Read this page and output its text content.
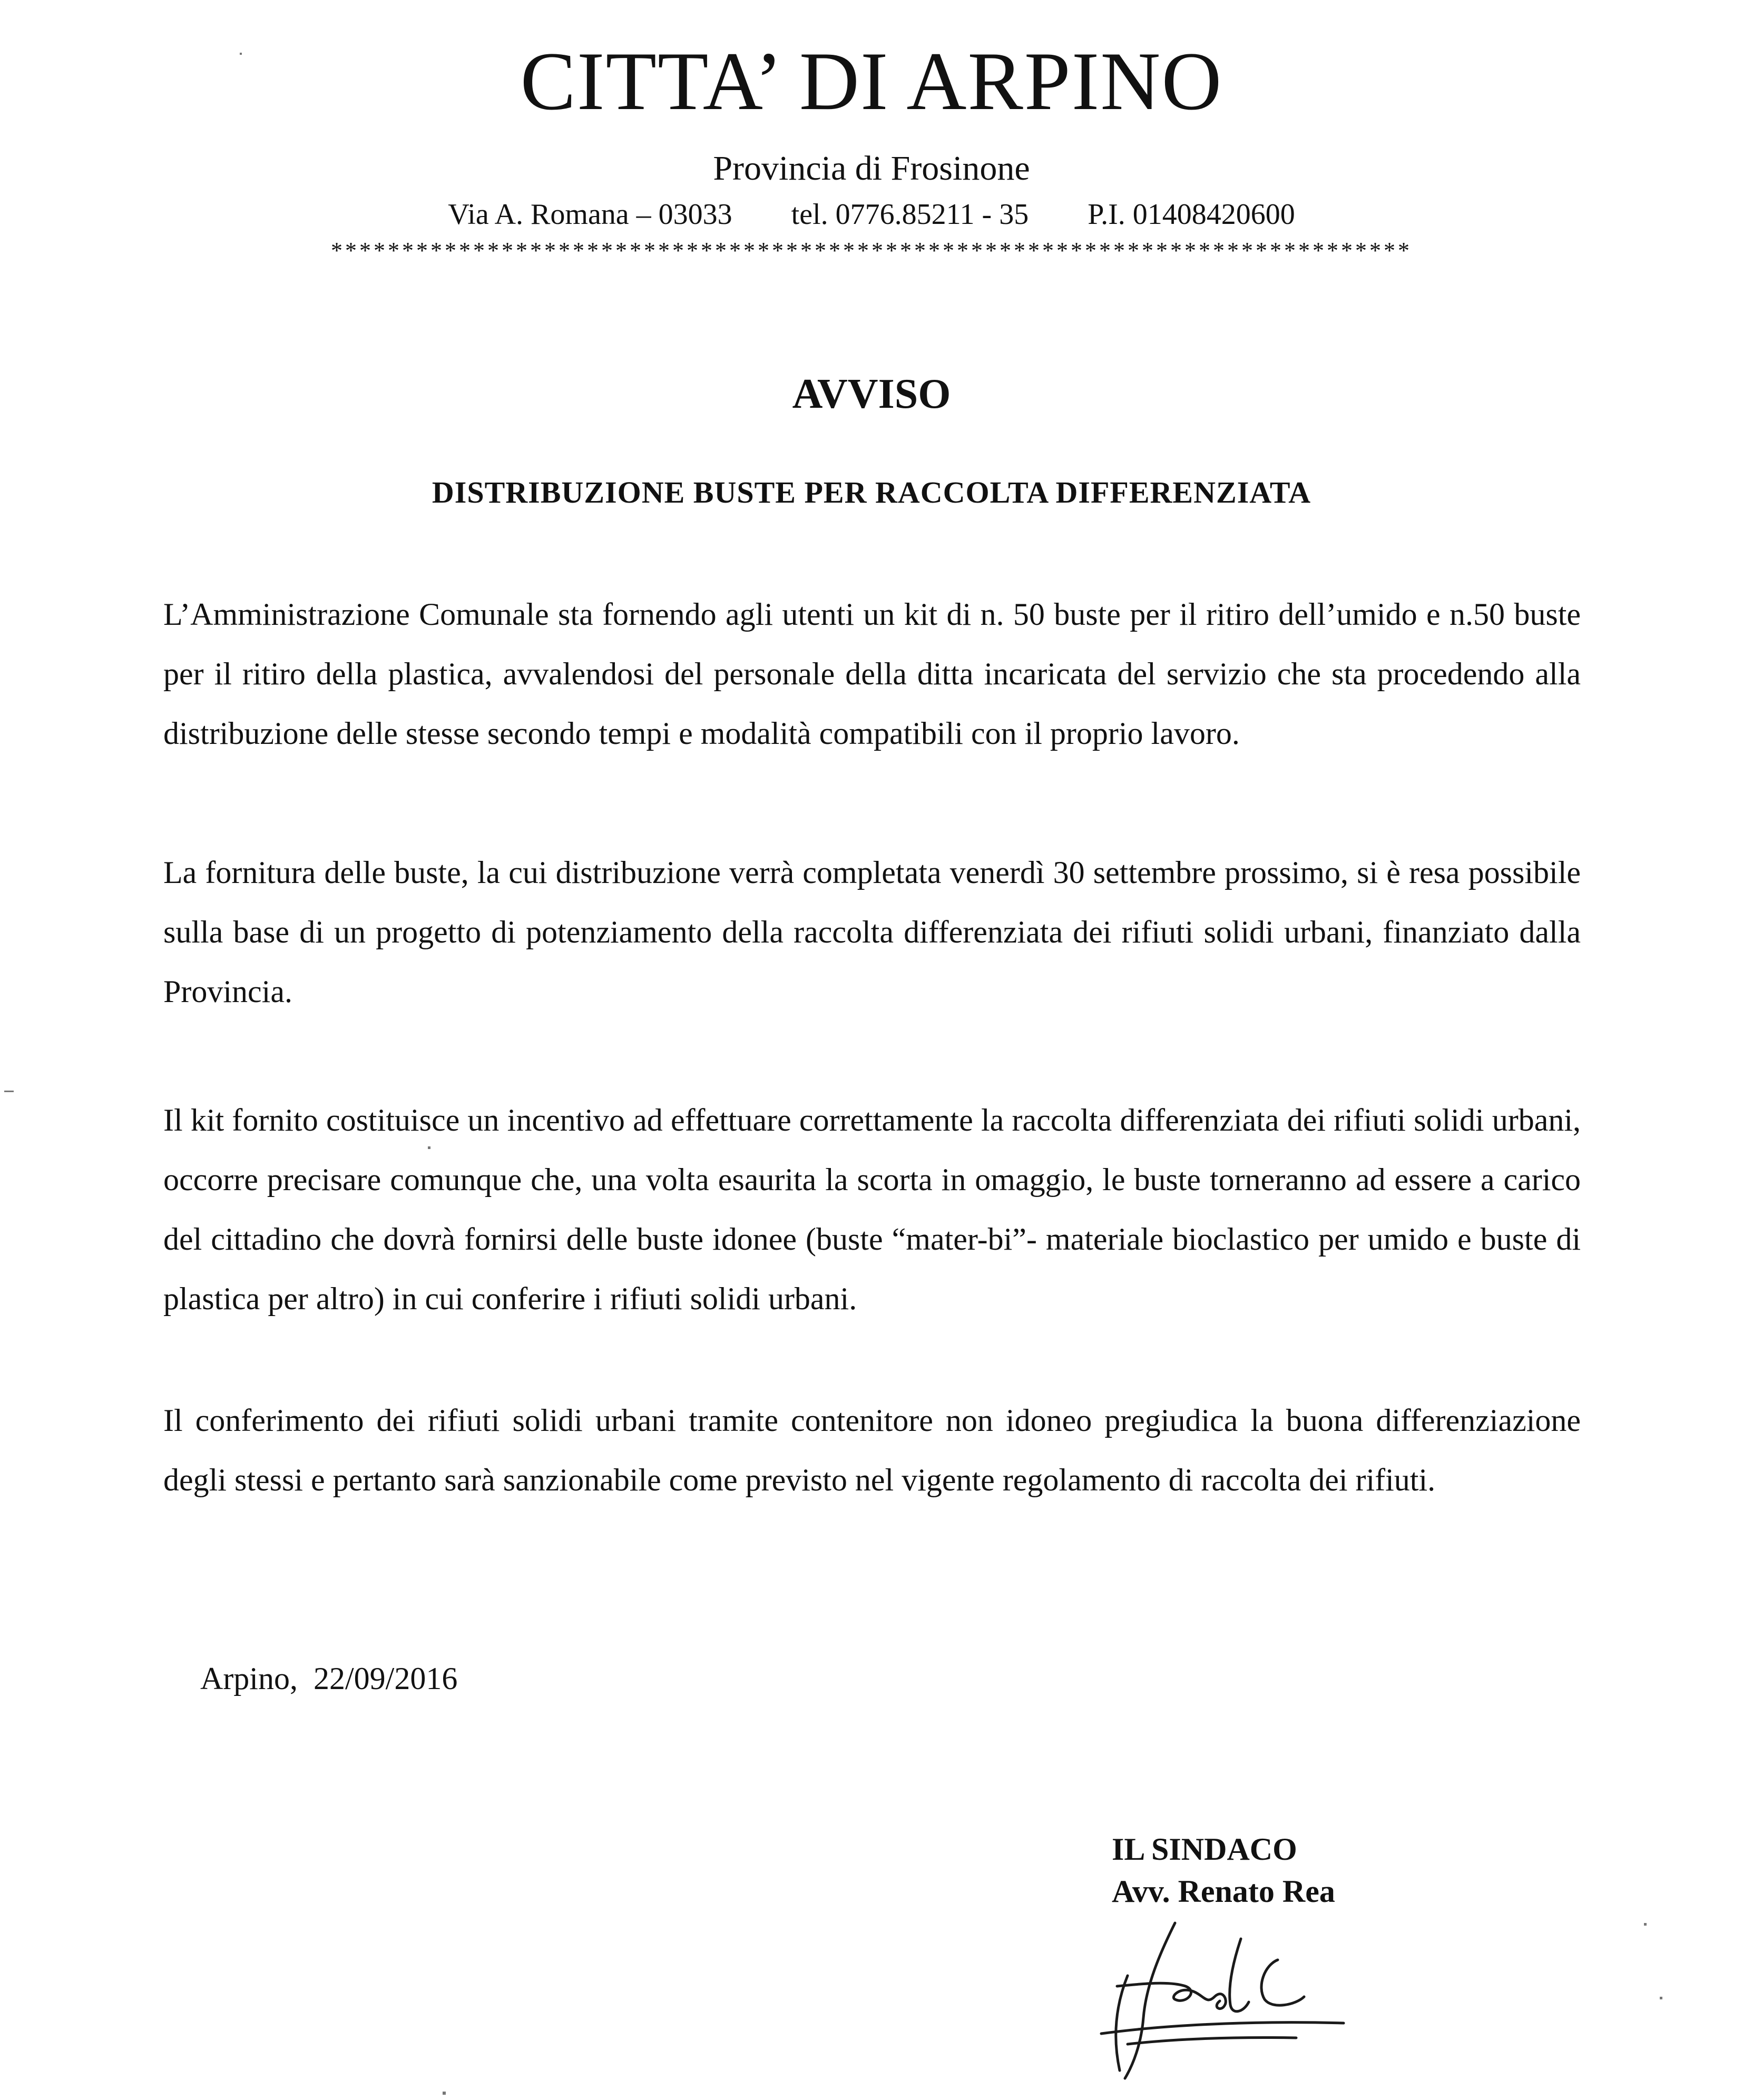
CITTA’ DI ARPINO
Provincia di Frosinone
Via A. Romana – 03033 tel. 0776.85211 - 35 P.I. 01408420600
****************************************************************************
AVVISO
DISTRIBUZIONE BUSTE PER RACCOLTA DIFFERENZIATA

L’Amministrazione Comunale sta fornendo agli utenti un kit di n. 50 buste per il ritiro dell’umido e n.50 buste per il ritiro della plastica, avvalendosi del personale della ditta incaricata del servizio che sta procedendo alla distribuzione delle stesse secondo tempi e modalità compatibili con il proprio lavoro.

La fornitura delle buste, la cui distribuzione verrà completata venerdì 30 settembre prossimo, si è resa possibile sulla base di un progetto di potenziamento della raccolta differenziata dei rifiuti solidi urbani, finanziato dalla Provincia.

Il kit fornito costituisce un incentivo ad effettuare correttamente la raccolta differenziata dei rifiuti solidi urbani, occorre precisare comunque che, una volta esaurita la scorta in omaggio, le buste torneranno ad essere a carico del cittadino che dovrà fornirsi delle buste idonee (buste “mater-bi”- materiale bioclastico per umido e buste di plastica per altro) in cui conferire i rifiuti solidi urbani.

Il conferimento dei rifiuti solidi urbani tramite contenitore non idoneo pregiudica la buona differenziazione degli stessi e pertanto sarà sanzionabile come previsto nel vigente regolamento di raccolta dei rifiuti.

Arpino,  22/09/2016
IL SINDACO
Avv. Renato Rea
